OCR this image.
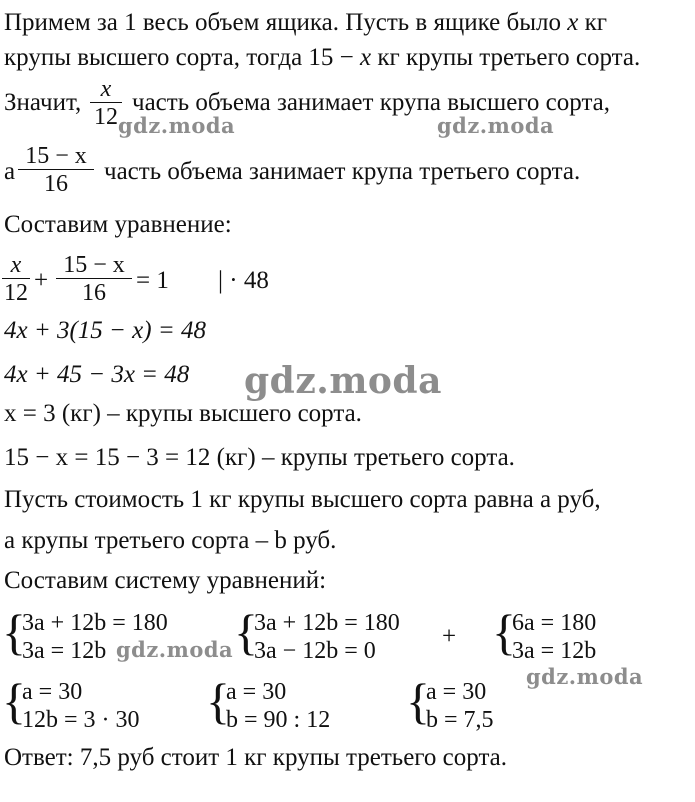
Примем за 1 весь объем ящика. Пусть в ящике было x кг
крупы высшего сорта, тогда 15 − x кг крупы третьего сорта.
Значит, x
12
часть объема занимает крупа высшего сорта,
а
15 − x
16	часть объема занимает крупа третьего сорта.
Составим уравнение:
x
12 +
15 − x
16	= 1 | · 48
4x + 3(15 − x) = 48
4x + 45 − 3x = 48
x = 3 (кг) – крупы высшего сорта.
15 − x = 15 − 3 = 12 (кг) – крупы третьего сорта.
Пусть стоимость 1 кг крупы высшего сорта равна a руб,
а крупы третьего сорта – b руб.
Составим систему уравнений:
{
3a + 12b = 180
3a = 12b	{
3a + 12b = 180
3a − 12b = 0
+ {
6a = 180
3a = 12b
{
a = 30
12b = 3 · 30 {
a = 30
b = 90 : 12 {
a = 30
b = 7,5
Ответ: 7,5 руб стоит 1 кг крупы третьего сорта.
gdz.moda	gdz.moda
gdz.moda
gdz.moda
gdz.moda
